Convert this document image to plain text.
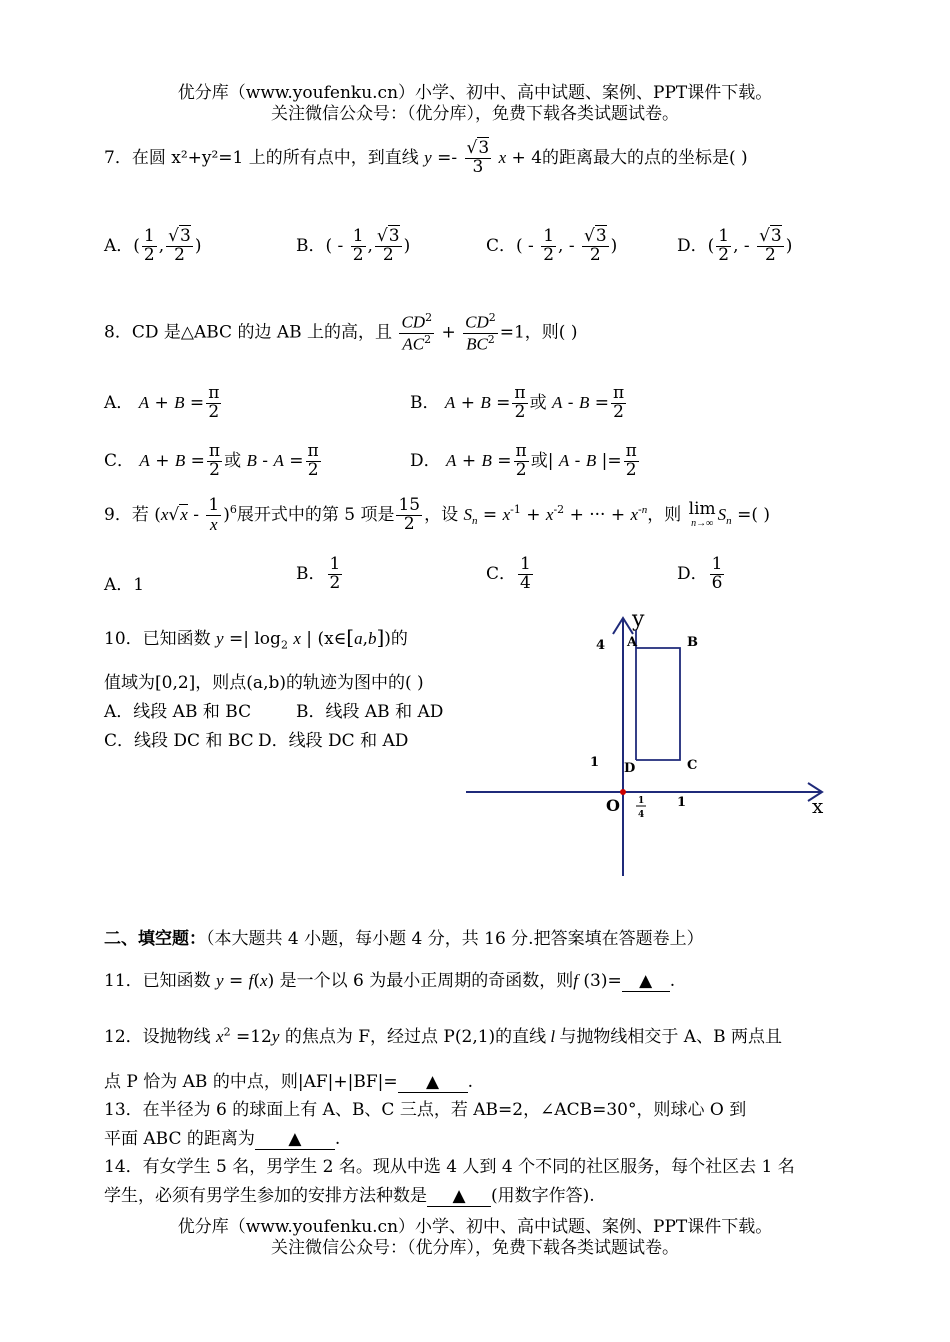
优分库（www.youfenku.cn）小学、初中、高中试题、案例、PPT课件下载。
关注微信公众号：（优分库），免费下载各类试题试卷。
7．在圆 x²+y²=1 上的所有点中，到直线 $y =- \frac{√3}{3}$ x + 4的距离最大的点的坐标是( )
A．( $\frac{1}{2}$ , $\frac{√3}{2}$ )	B．( - $\frac{1}{2}$ , $\frac{√3}{2}$ )	C．( - $\frac{1}{2}$ , - $\frac{√3}{2}$ )	D．( $\frac{1}{2}$ , - $\frac{√3}{2}$ )
8．CD 是△ABC 的边 AB 上的高，且 $\frac{CD^2}{AC^2} + \frac{CD^2}{BC^2} =1$，则( )
A． $A + B = \frac{\pi}{2}$	B． $A + B = \frac{\pi}{2}$ 或 $A - B = \frac{\pi}{2}$
C． $A + B = \frac{\pi}{2}$ 或 $B - A = \frac{\pi}{2}$	D． $A + B = \frac{\pi}{2}$ 或| A - B |= $\frac{\pi}{2}$
9．若 $(x√x - \frac{1}{x} )^6$展开式中的第 5 项是 $\frac{15}{2}$ ，设 $S_n = x^{-1} + x^{-2}$ + ··· + $x^{-n}$，则 lim
n→∞ $S_n$ =( )
A．1
B． $\frac{1}{2}$	C． $\frac{1}{4}$	D． $\frac{1}{6}$
10．已知函数 y =| $\log_2 x$ | (x∈[a,b])的
值域为[0,2]，则点(a,b)的轨迹为图中的( )
A．线段 AB 和 BC	B．线段 AB 和 AD
C．线段 DC 和 BC D．线段 DC 和 AD
y
x
4 A	B
C
D
1
O 1
4
1
二、填空题：（本大题共 4 小题，每小题 4 分，共 16 分.把答案填在答题卷上）
11．已知函数 y = f(x) 是一个以 6 为最小正周期的奇函数，则f (3)= ▲ .
12．设抛物线 $x^2 =12y$ 的焦点为 F，经过点 P(2,1)的直线 l 与抛物线相交于 A、B 两点且
点 P 恰为 AB 的中点，则|AF|+|BF|= ▲ .
13．在半径为 6 的球面上有 A、B、C 三点，若 AB=2，∠ACB=30°，则球心 O 到
平面 ABC 的距离为 ▲ .
14．有女学生 5 名，男学生 2 名。现从中选 4 人到 4 个不同的社区服务，每个社区去 1 名
学生，必须有男学生参加的安排方法种数是 ▲ (用数字作答).
优分库（www.youfenku.cn）小学、初中、高中试题、案例、PPT课件下载。
关注微信公众号：（优分库），免费下载各类试题试卷。
